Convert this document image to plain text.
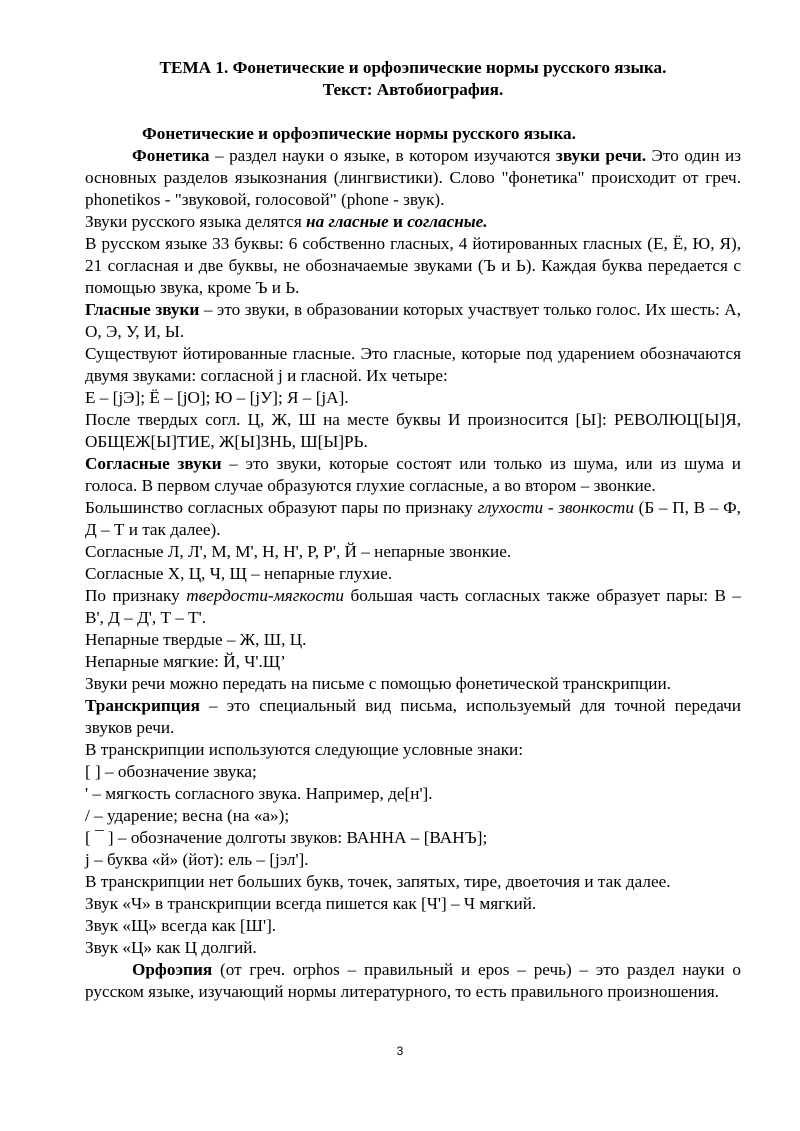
ТЕМА 1. Фонетические и орфоэпические нормы русского языка.

Текст: Автобиография.

Фонетические и орфоэпические нормы русского языка.

Фонетика – раздел науки о языке, в котором изучаются звуки речи. Это один из основных разделов языкознания (лингвистики). Слово "фонетика" происходит от греч. phonetikos - "звуковой, голосовой" (phone - звук).

Звуки русского языка делятся на гласные и согласные.

В русском языке 33 буквы: 6 собственно гласных, 4 йотированных гласных (Е, Ё, Ю, Я), 21 согласная и две буквы, не обозначаемые звуками (Ъ и Ь). Каждая буква передается с помощью звука, кроме Ъ и Ь.

Гласные звуки – это звуки, в образовании которых участвует только голос. Их шесть: А, О, Э, У, И, Ы.

Существуют йотированные гласные. Это гласные, которые под ударением обозначаются двумя звуками: согласной j и гласной. Их четыре:

Е – [jЭ]; Ё – [jО]; Ю – [jУ]; Я – [jА].

После твердых согл. Ц, Ж, Ш на месте буквы И произносится [Ы]: РЕВОЛЮЦ[Ы]Я, ОБЩЕЖ[Ы]ТИЕ, Ж[Ы]ЗНЬ, Ш[Ы]РЬ.

Согласные звуки – это звуки, которые состоят или только из шума, или из шума и голоса. В первом случае образуются глухие согласные, а во втором – звонкие.

Большинство согласных образуют пары по признаку глухости - звонкости (Б – П, В – Ф, Д – Т и так далее).

Согласные Л, Л', М, М', Н, Н', Р, Р', Й – непарные звонкие.

Согласные Х, Ц, Ч, Щ – непарные глухие.

По признаку твердости-мягкости большая часть согласных также образует пары: В – В', Д – Д', Т – Т'.

Непарные твердые – Ж, Ш, Ц.

Непарные мягкие: Й, Ч'.Щ’

Звуки речи можно передать на письме с помощью фонетической транскрипции.

Транскрипция – это специальный вид письма, используемый для точной передачи звуков речи.

В транскрипции используются следующие условные знаки:

[ ] – обозначение звука;

' – мягкость согласного звука. Например, де[н'].

/ – ударение; весна (на «а»);

[ ¯ ] – обозначение долготы звуков: ВАННА – [ВАНЪ];

j – буква «й» (йот): ель – [jэл'].

В транскрипции нет больших букв, точек, запятых, тире, двоеточия и так далее.

Звук «Ч» в транскрипции всегда пишется как [Ч'] – Ч мягкий.

Звук «Щ» всегда как [Ш'].

Звук «Ц» как Ц долгий.

Орфоэпия (от греч. orphos – правильный и epos – речь) – это раздел науки о русском языке, изучающий нормы литературного, то есть правильного произношения.

3
